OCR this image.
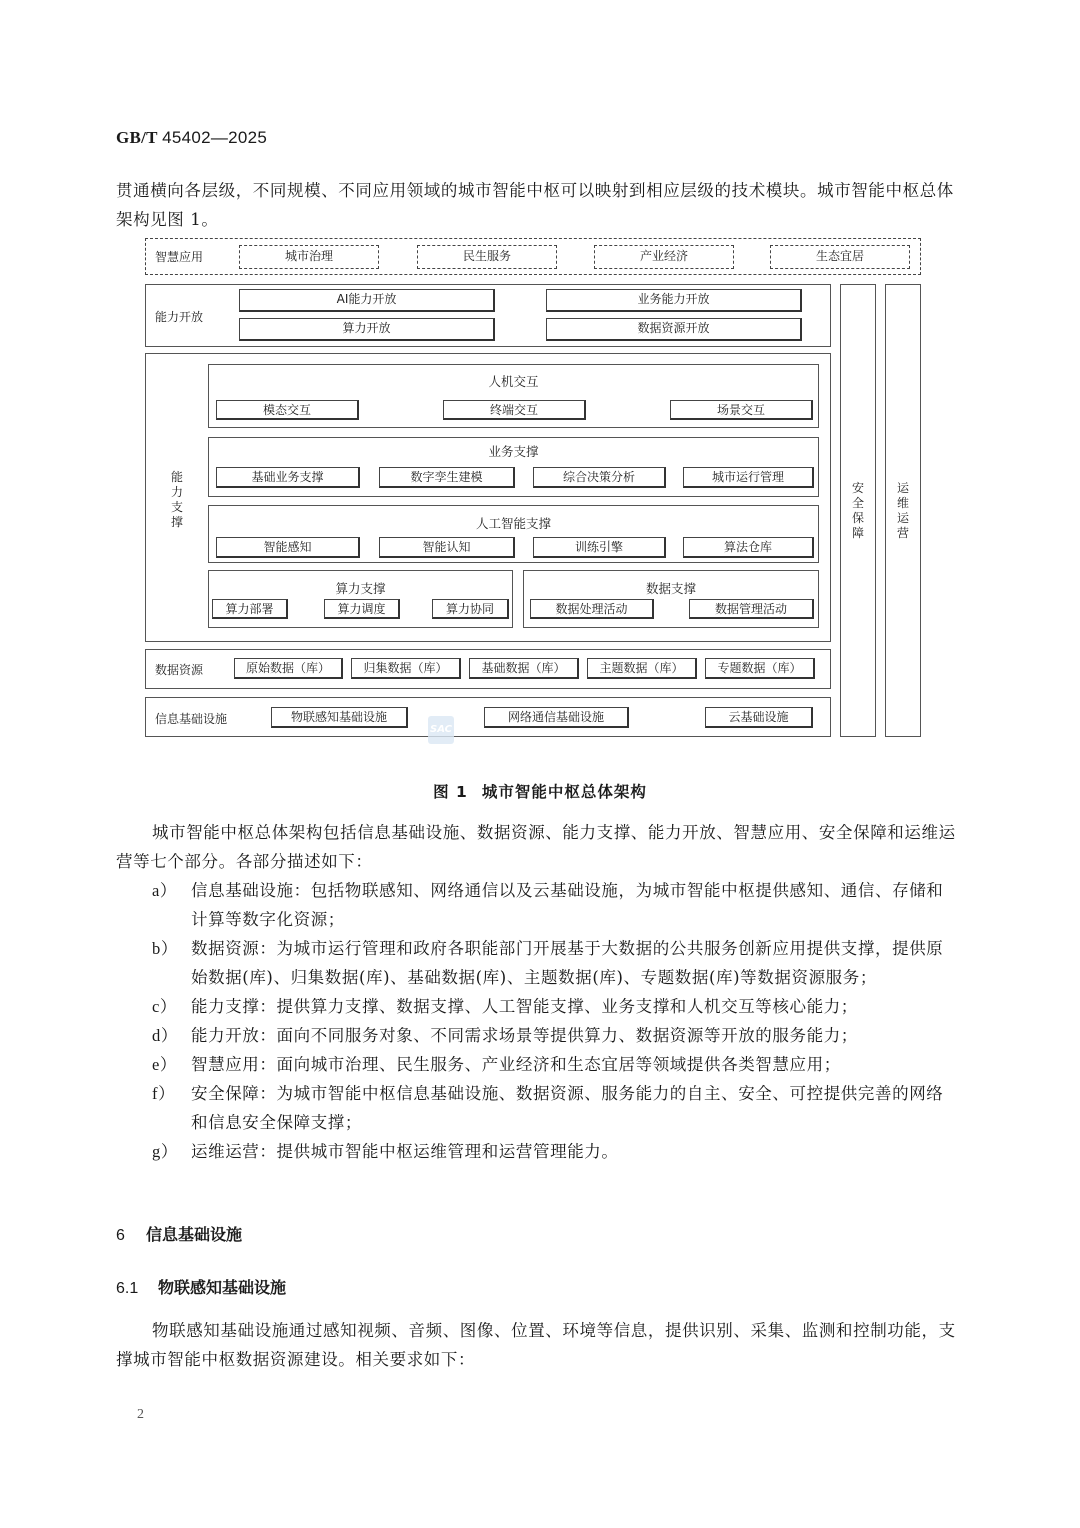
GB/T 45402—2025
贯通横向各层级，不同规模、不同应用领域的城市智能中枢可以映射到相应层级的技术模块。城市智能中枢总体架构见图 1。
智慧应用	城市治理	民生服务	产业经济	生态宜居
能力开放
AI能力开放	业务能力开放
算力开放	数据资源开放
能力支撑
人机交互
模态交互	终端交互	场景交互
业务支撑
基础业务支撑	数字孪生建模	综合决策分析	城市运行管理
人工智能支撑
智能感知	智能认知	训练引擎	算法仓库
算力支撑
算力部署	算力调度	算力协同
数据支撑
数据处理活动	数据管理活动
数据资源	原始数据（库）	归集数据（库）	基础数据（库）	主题数据（库）	专题数据（库）
信息基础设施	物联感知基础设施	网络通信基础设施	云基础设施
安全保障
运维运营
SAC
图 1 城市智能中枢总体架构
城市智能中枢总体架构包括信息基础设施、数据资源、能力支撑、能力开放、智慧应用、安全保障和运维运营等七个部分。各部分描述如下：
a） 信息基础设施：包括物联感知、网络通信以及云基础设施，为城市智能中枢提供感知、通信、存储和计算等数字化资源；
b） 数据资源：为城市运行管理和政府各职能部门开展基于大数据的公共服务创新应用提供支撑，提供原始数据(库)、归集数据(库)、基础数据(库)、主题数据(库)、专题数据(库)等数据资源服务；
c） 能力支撑：提供算力支撑、数据支撑、人工智能支撑、业务支撑和人机交互等核心能力；
d） 能力开放：面向不同服务对象、不同需求场景等提供算力、数据资源等开放的服务能力；
e） 智慧应用：面向城市治理、民生服务、产业经济和生态宜居等领域提供各类智慧应用；
f） 安全保障：为城市智能中枢信息基础设施、数据资源、服务能力的自主、安全、可控提供完善的网络和信息安全保障支撑；
g） 运维运营：提供城市智能中枢运维管理和运营管理能力。
6 信息基础设施
6.1 物联感知基础设施
物联感知基础设施通过感知视频、音频、图像、位置、环境等信息，提供识别、采集、监测和控制功能，支撑城市智能中枢数据资源建设。相关要求如下：
2
